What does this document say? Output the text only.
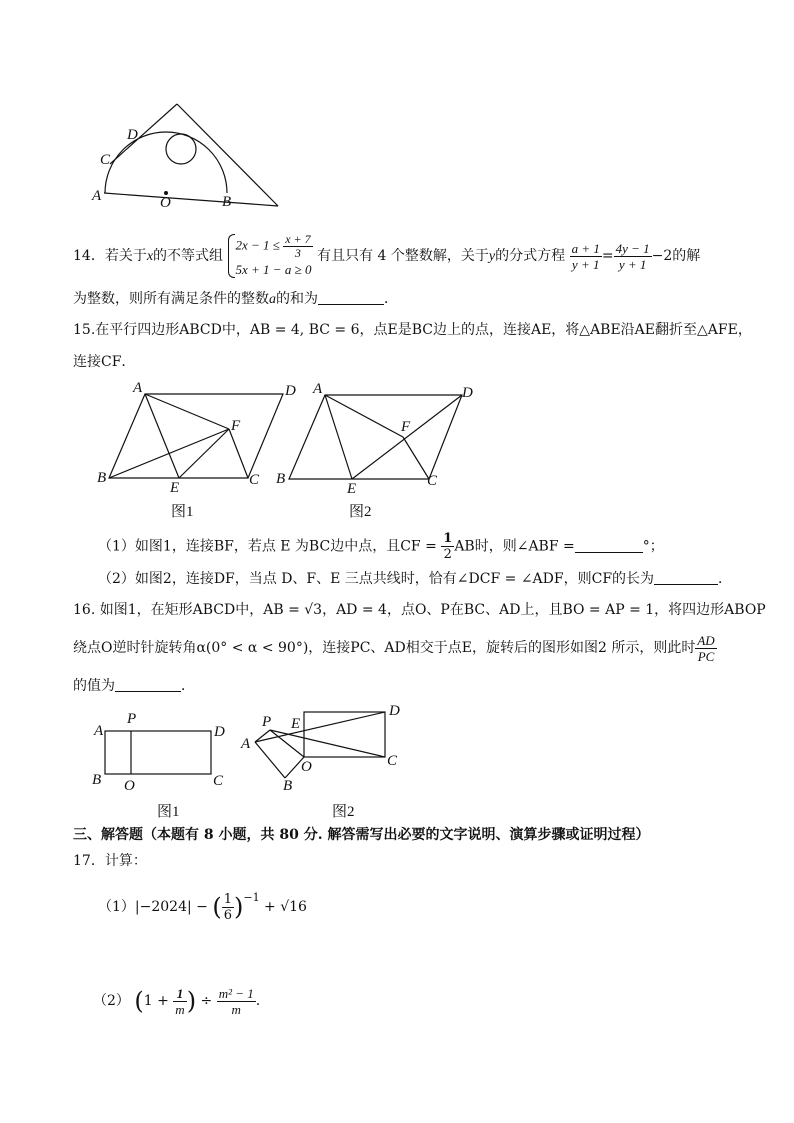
A	O	B
C
D
14．若关于x的不等式组
$2x - 1 \le \frac{x + 7}{3}$
5x + 1 − a ≥ 0
有且只有 4 个整数解，关于y的分式方程 $\frac{a + 1}{y + 1} = \frac{4y - 1}{y + 1} -2$的解
为整数，则所有满足条件的整数a的和为	．
15.在平行四边形ABCD中，AB = 4, BC = 6，点E是BC边上的点，连接AE，将△ABE沿AE翻折至△AFE，
连接CF．
A	D
F
B
E	C
图1
A	D
F
B
E	C
图2
（1）如图1，连接BF，若点 E 为BC边中点，且CF = $\frac{1}{2}$ AB时，则∠ABF =	°；
（2）如图2，连接DF，当点 D、F、E 三点共线时，恰有∠DCF = ∠ADF，则CF的长为	．
16. 如图1，在矩形ABCD中，AB = √3，AD = 4，点O、P在BC、AD上，且BO = AP = 1，将四边形ABOP
绕点O逆时针旋转角α(0° < α < 90°)，连接PC、AD相交于点E，旋转后的图形如图2 所示，则此时 $\frac{AD}{PC}$
的值为	．
A
P
D
B O	C
图1
P E
D
A
O	C
B
图2
三、解答题（本题有 8 小题，共 80 分. 解答需写出必要的文字说明、演算步骤或证明过程）
17．计算：
（1）|−2024| − ( $\frac{1}{6} )^{-1} + √16$
（2） ($1 + \frac{1}{m}$ ) ÷ $\frac{\text{m² − 1}}{m}$ .
